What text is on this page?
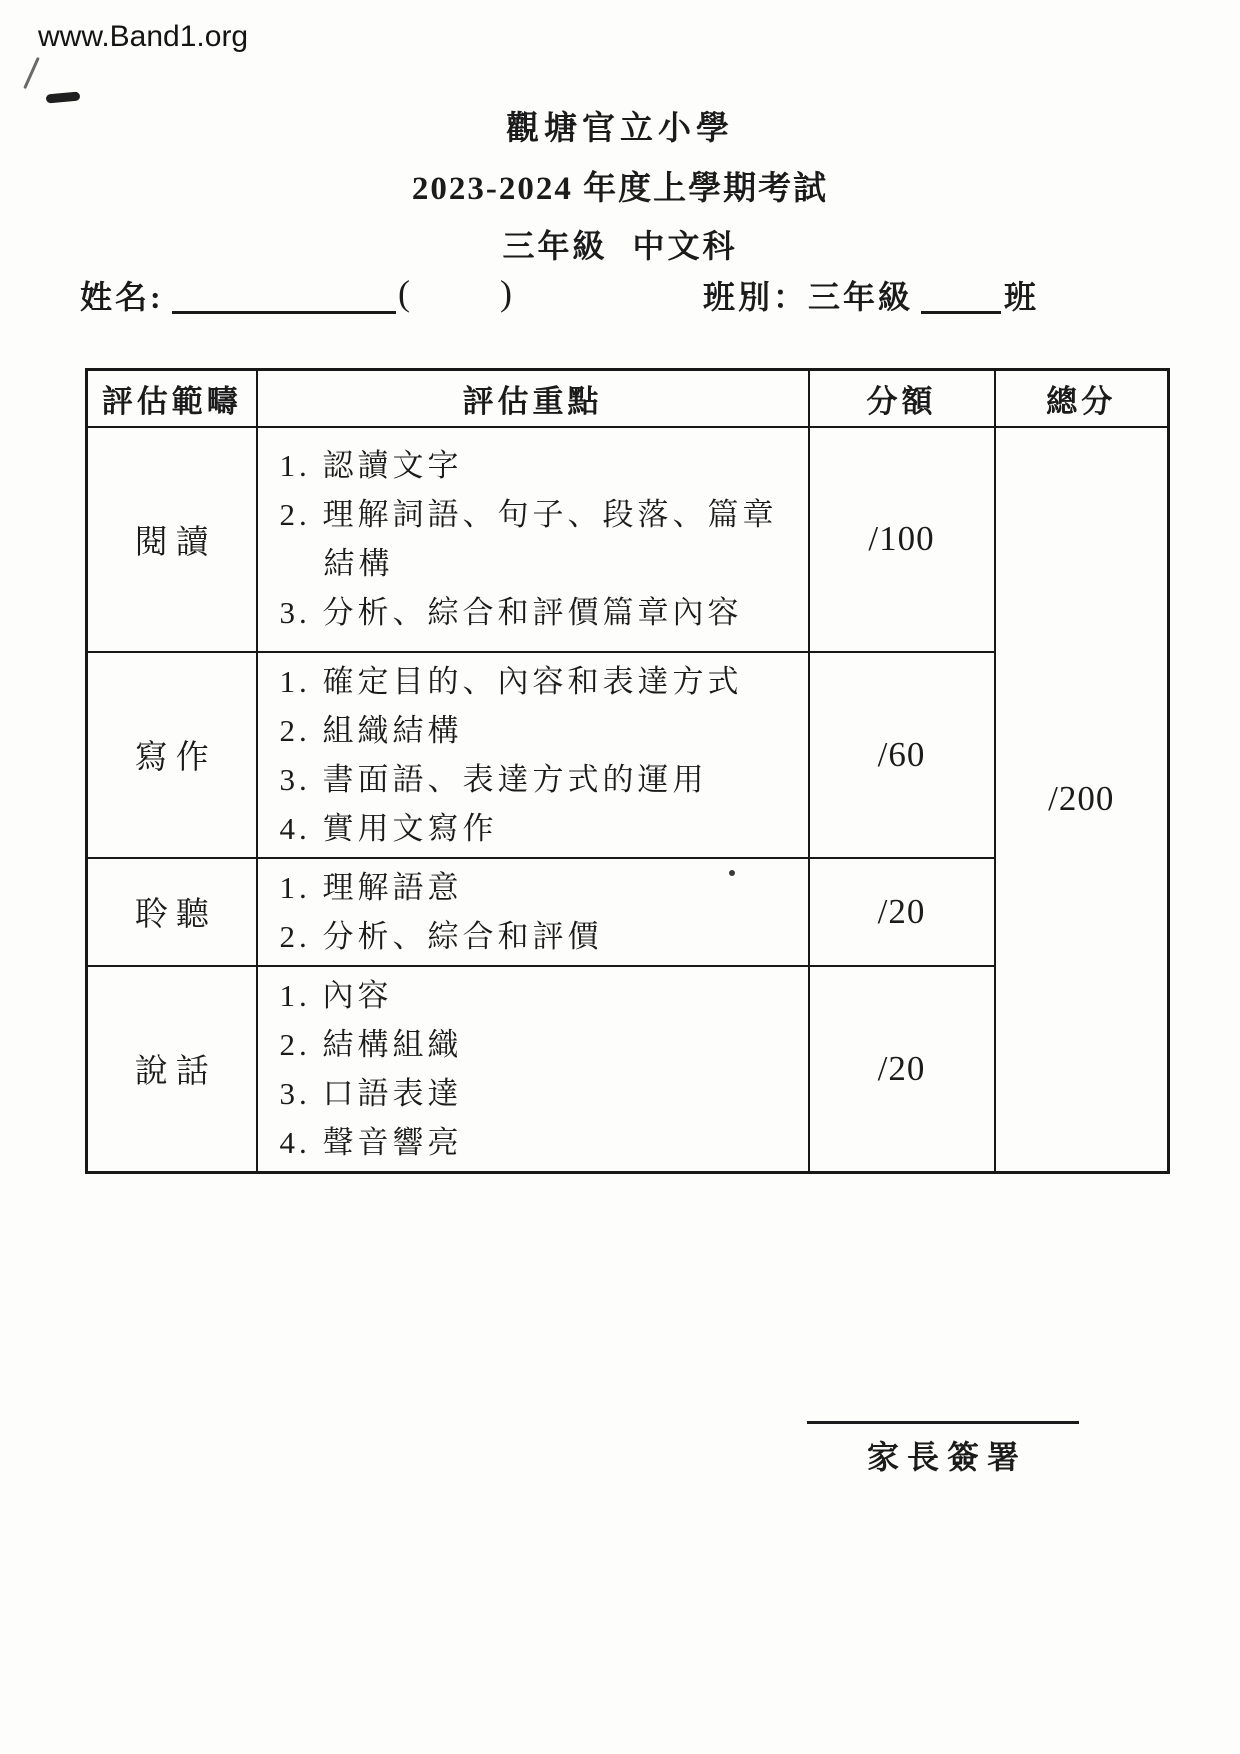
www.Band1.org
觀塘官立小學
2023-2024 年度上學期考試
三年級 中文科
姓名:	( )	班別：三年級	班
評估範疇	評估重點	分額	總分
閱讀	1. 認讀文字
2. 理解詞語、句子、段落、篇章結構
3. 分析、綜合和評價篇章內容	/100	/200
寫作	1. 確定目的、內容和表達方式
2. 組織結構
3. 書面語、表達方式的運用
4. 實用文寫作	/60	
聆聽	1. 理解語意
2. 分析、綜合和評價	/20	
說話	1. 內容
2. 結構組織
3. 口語表達
4. 聲音響亮	/20	
家長簽署
